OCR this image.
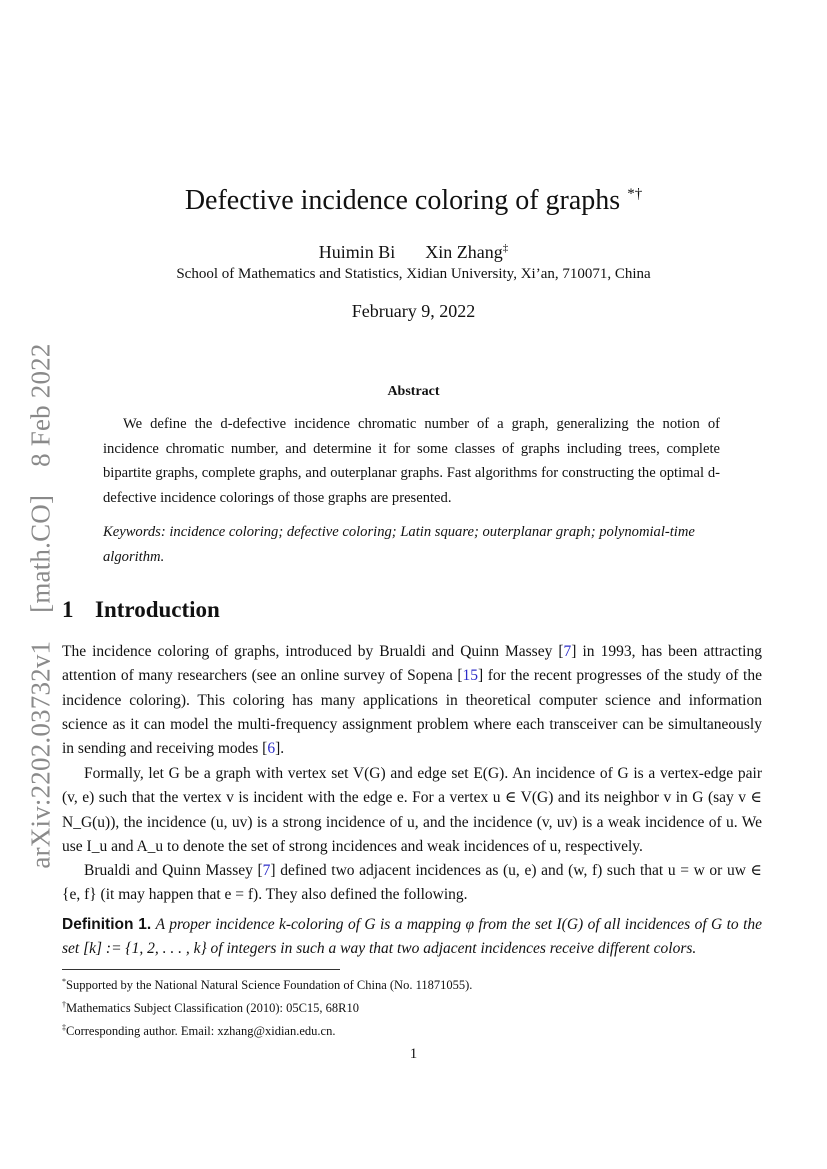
arXiv:2202.03732v1  [math.CO]  8 Feb 2022
Defective incidence coloring of graphs *†
Huimin Bi Xin Zhang‡
School of Mathematics and Statistics, Xidian University, Xi’an, 710071, China
February 9, 2022
Abstract
We define the d-defective incidence chromatic number of a graph, generalizing the notion of incidence chromatic number, and determine it for some classes of graphs including trees, complete bipartite graphs, complete graphs, and outerplanar graphs. Fast algorithms for constructing the optimal d-defective incidence colorings of those graphs are presented.
Keywords: incidence coloring; defective coloring; Latin square; outerplanar graph; polynomial-time algorithm.
1 Introduction
The incidence coloring of graphs, introduced by Brualdi and Quinn Massey [7] in 1993, has been attracting attention of many researchers (see an online survey of Sopena [15] for the recent progresses of the study of the incidence coloring). This coloring has many applications in theoretical computer science and information science as it can model the multi-frequency assignment problem where each transceiver can be simultaneously in sending and receiving modes [6].
Formally, let G be a graph with vertex set V(G) and edge set E(G). An incidence of G is a vertex-edge pair (v, e) such that the vertex v is incident with the edge e. For a vertex u ∈ V(G) and its neighbor v in G (say v ∈ N_G(u)), the incidence (u, uv) is a strong incidence of u, and the incidence (v, uv) is a weak incidence of u. We use I_u and A_u to denote the set of strong incidences and weak incidences of u, respectively.
Brualdi and Quinn Massey [7] defined two adjacent incidences as (u, e) and (w, f) such that u = w or uw ∈ {e, f} (it may happen that e = f). They also defined the following.
Definition 1. A proper incidence k-coloring of G is a mapping φ from the set I(G) of all incidences of G to the set [k] := {1, 2, . . . , k} of integers in such a way that two adjacent incidences receive different colors.
*Supported by the National Natural Science Foundation of China (No. 11871055).
†Mathematics Subject Classification (2010): 05C15, 68R10
‡Corresponding author. Email: xzhang@xidian.edu.cn.
1
